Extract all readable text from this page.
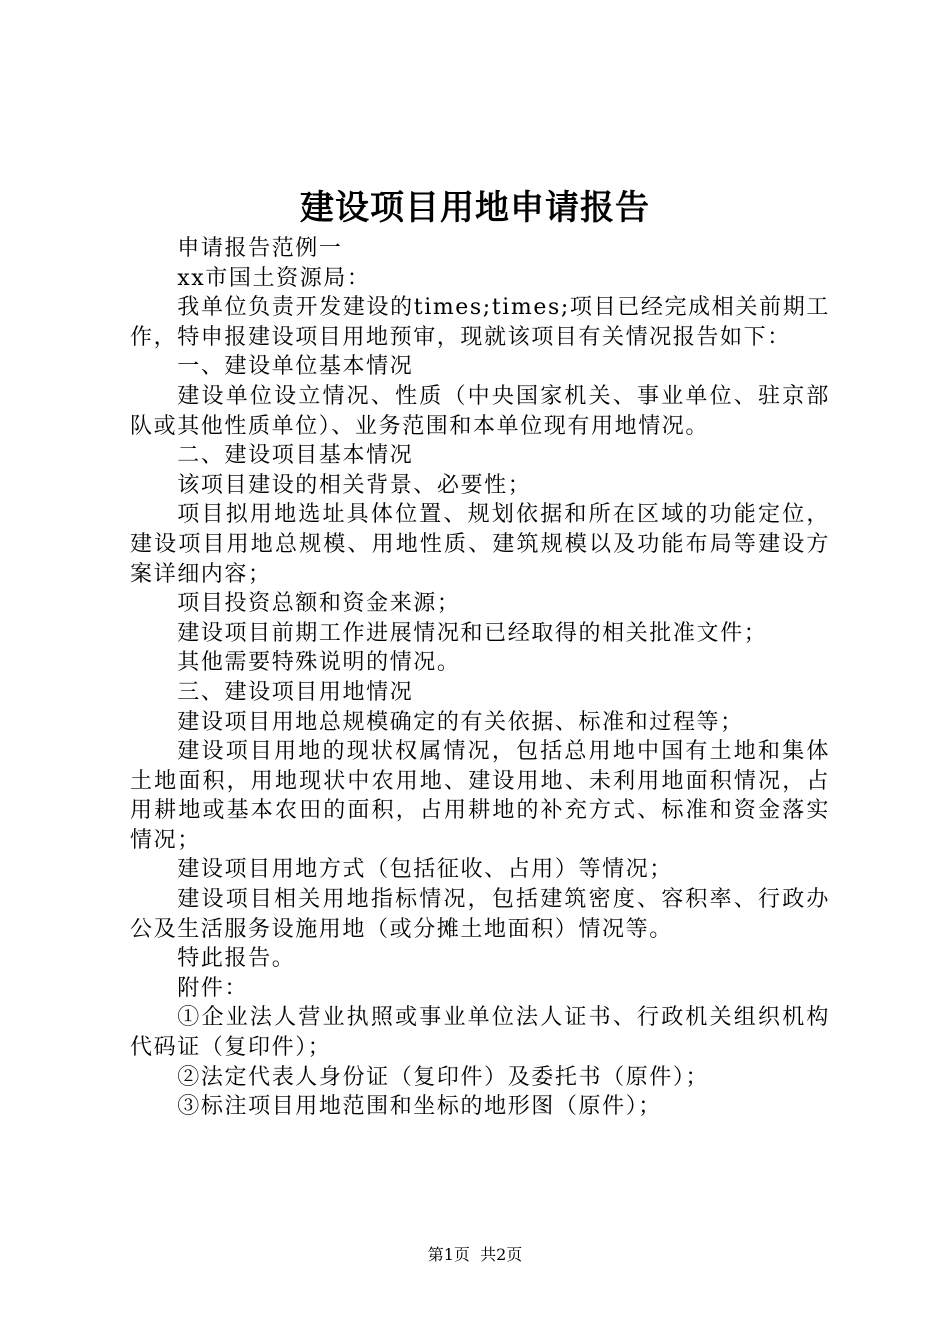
建设项目用地申请报告

申请报告范例一

xx市国土资源局：

我单位负责开发建设的times;times;项目已经完成相关前期工作，特申报建设项目用地预审，现就该项目有关情况报告如下：

一、建设单位基本情况

建设单位设立情况、性质（中央国家机关、事业单位、驻京部队或其他性质单位）、业务范围和本单位现有用地情况。

二、建设项目基本情况

该项目建设的相关背景、必要性；

项目拟用地选址具体位置、规划依据和所在区域的功能定位，建设项目用地总规模、用地性质、建筑规模以及功能布局等建设方案详细内容；

项目投资总额和资金来源；

建设项目前期工作进展情况和已经取得的相关批准文件；

其他需要特殊说明的情况。

三、建设项目用地情况

建设项目用地总规模确定的有关依据、标准和过程等；

建设项目用地的现状权属情况，包括总用地中国有土地和集体土地面积，用地现状中农用地、建设用地、未利用地面积情况，占用耕地或基本农田的面积，占用耕地的补充方式、标准和资金落实情况；

建设项目用地方式（包括征收、占用）等情况；

建设项目相关用地指标情况，包括建筑密度、容积率、行政办公及生活服务设施用地（或分摊土地面积）情况等。

特此报告。

附件：

①企业法人营业执照或事业单位法人证书、行政机关组织机构代码证（复印件）；

②法定代表人身份证（复印件）及委托书（原件）；

③标注项目用地范围和坐标的地形图（原件）；

第1页  共2页
